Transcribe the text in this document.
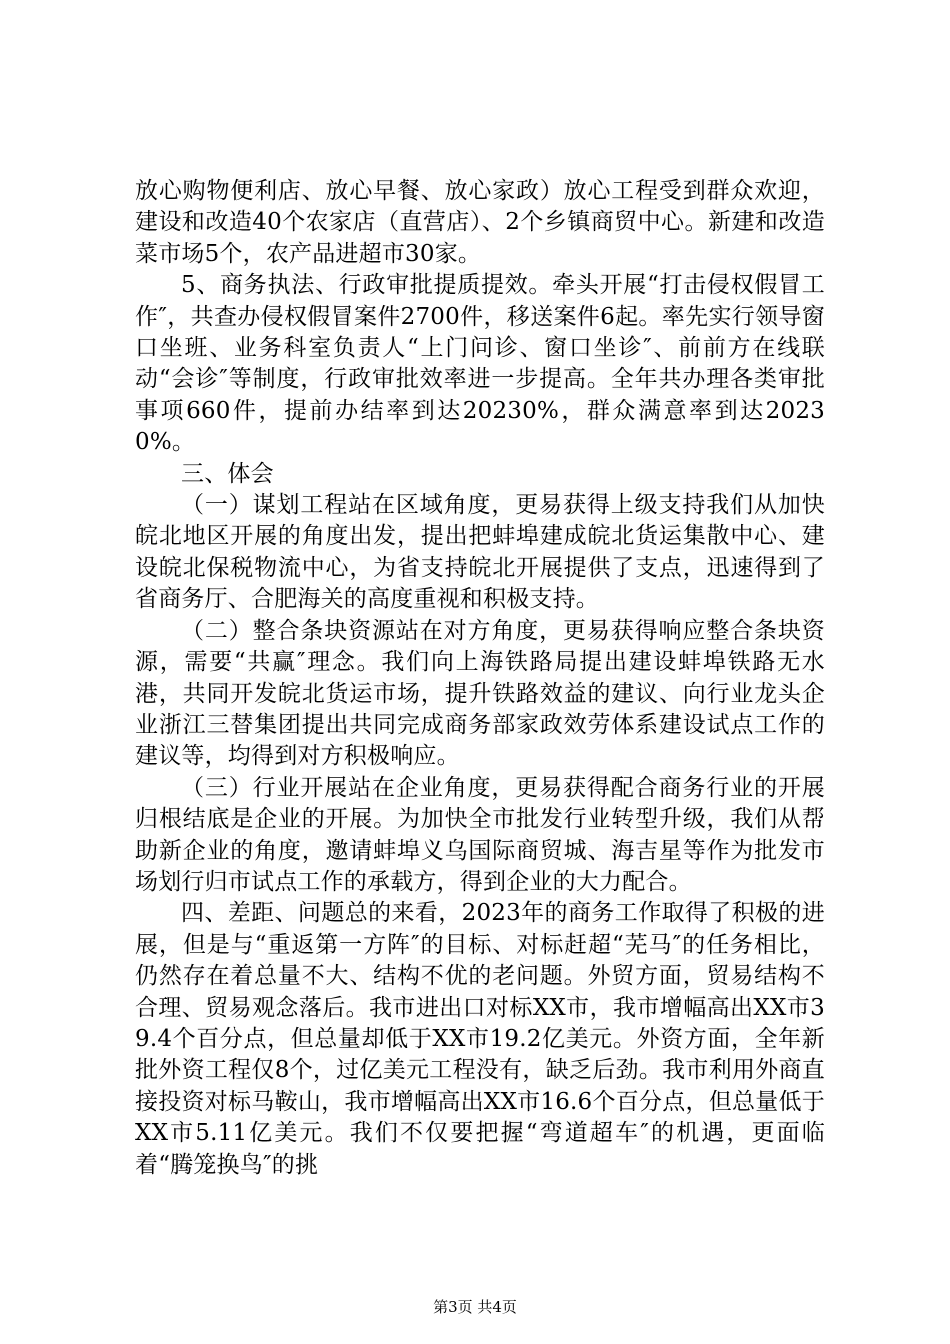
放心购物便利店、放心早餐、放心家政）放心工程受到群众欢迎，建设和改造40个农家店（直营店）、2个乡镇商贸中心。新建和改造菜市场5个，农产品进超市30家。

5、商务执法、行政审批提质提效。牵头开展“打击侵权假冒工作″，共查办侵权假冒案件2700件，移送案件6起。率先实行领导窗口坐班、业务科室负责人“上门问诊、窗口坐诊″、前前方在线联动“会诊″等制度，行政审批效率进一步提高。全年共办理各类审批事项660件，提前办结率到达20230%，群众满意率到达20230%。

三、体会

（一）谋划工程站在区域角度，更易获得上级支持我们从加快皖北地区开展的角度出发，提出把蚌埠建成皖北货运集散中心、建设皖北保税物流中心，为省支持皖北开展提供了支点，迅速得到了省商务厅、合肥海关的高度重视和积极支持。

（二）整合条块资源站在对方角度，更易获得响应整合条块资源，需要“共赢″理念。我们向上海铁路局提出建设蚌埠铁路无水港，共同开发皖北货运市场，提升铁路效益的建议、向行业龙头企业浙江三替集团提出共同完成商务部家政效劳体系建设试点工作的建议等，均得到对方积极响应。

（三）行业开展站在企业角度，更易获得配合商务行业的开展归根结底是企业的开展。为加快全市批发行业转型升级，我们从帮助新企业的角度，邀请蚌埠义乌国际商贸城、海吉星等作为批发市场划行归市试点工作的承载方，得到企业的大力配合。

四、差距、问题总的来看，2023年的商务工作取得了积极的进展，但是与“重返第一方阵″的目标、对标赶超“芜马″的任务相比，仍然存在着总量不大、结构不优的老问题。外贸方面，贸易结构不合理、贸易观念落后。我市进出口对标XX市，我市增幅高出XX市39.4个百分点，但总量却低于XX市19.2亿美元。外资方面，全年新批外资工程仅8个，过亿美元工程没有，缺乏后劲。我市利用外商直接投资对标马鞍山，我市增幅高出XX市16.6个百分点，但总量低于XX市5.11亿美元。我们不仅要把握“弯道超车″的机遇，更面临着“腾笼换鸟″的挑

第3页 共4页
